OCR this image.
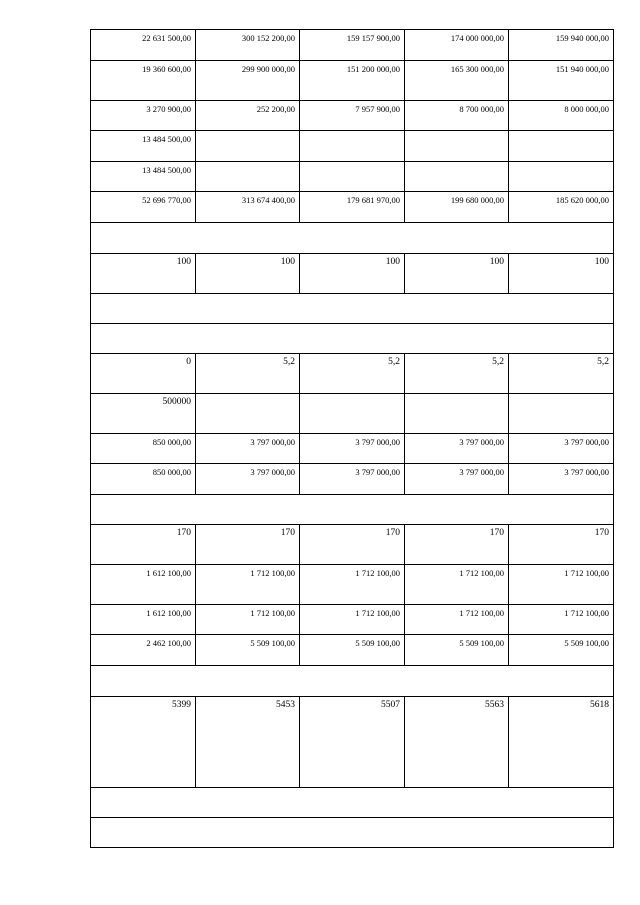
22 631 500,00	300 152 200,00	159 157 900,00	174 000 000,00	159 940 000,00
19 360 600,00	299 900 000,00	151 200 000,00	165 300 000,00	151 940 000,00
3 270 900,00	252 200,00	7 957 900,00	8 700 000,00	8 000 000,00
13 484 500,00				
13 484 500,00				
52 696 770,00	313 674 400,00	179 681 970,00	199 680 000,00	185 620 000,00

100	100	100	100	100

0	5,2	5,2	5,2	5,2
500000				
850 000,00	3 797 000,00	3 797 000,00	3 797 000,00	3 797 000,00
850 000,00	3 797 000,00	3 797 000,00	3 797 000,00	3 797 000,00

170	170	170	170	170
1 612 100,00	1 712 100,00	1 712 100,00	1 712 100,00	1 712 100,00
1 612 100,00	1 712 100,00	1 712 100,00	1 712 100,00	1 712 100,00
2 462 100,00	5 509 100,00	5 509 100,00	5 509 100,00	5 509 100,00

5399	5453	5507	5563	5618
